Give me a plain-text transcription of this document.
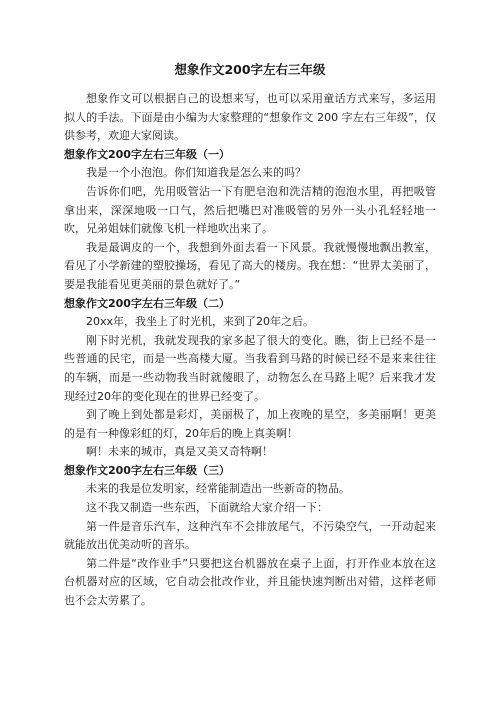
想象作文200字左右三年级

想象作文可以根据自己的设想来写，也可以采用童话方式来写，多运用拟人的手法。下面是由小编为大家整理的“想象作文 200 字左右三年级”，仅供参考，欢迎大家阅读。

想象作文200字左右三年级（一）

我是一个小泡泡。你们知道我是怎么来的吗？

告诉你们吧，先用吸管沾一下有肥皂泡和洗洁精的泡泡水里，再把吸管拿出来，深深地吸一口气，然后把嘴巴对准吸管的另外一头小孔轻轻地一吹，兄弟姐妹们就像飞机一样地吹出来了。

我是最调皮的一个，我想到外面去看一下风景。我就慢慢地飘出教室，看见了小学新建的塑胶操场，看见了高大的楼房。我在想：“世界太美丽了，要是我能看见更美丽的景色就好了。”

想象作文200字左右三年级（二）

20xx年，我坐上了时光机，来到了20年之后。

刚下时光机，我就发现我的家多起了很大的变化。瞧，街上已经不是一些普通的民宅，而是一些高楼大厦。当我看到马路的时候已经不是来来往往的车辆，而是一些动物我当时就傻眼了，动物怎么在马路上呢？后来我才发现经过20年的变化现在的世界已经变了。

到了晚上到处都是彩灯，美丽极了，加上夜晚的星空，多美丽啊！更美的是有一种像彩虹的灯，20年后的晚上真美啊！

啊！未来的城市，真是又美又奇特啊！

想象作文200字左右三年级（三）

未来的我是位发明家，经常能制造出一些新奇的物品。

这不我又制造一些东西，下面就给大家介绍一下：

第一件是音乐汽车，这种汽车不会排放尾气，不污染空气，一开动起来就能放出优美动听的音乐。

第二件是“改作业手”只要把这台机器放在桌子上面，打开作业本放在这台机器对应的区域，它自动会批改作业，并且能快速判断出对错，这样老师也不会太劳累了。
